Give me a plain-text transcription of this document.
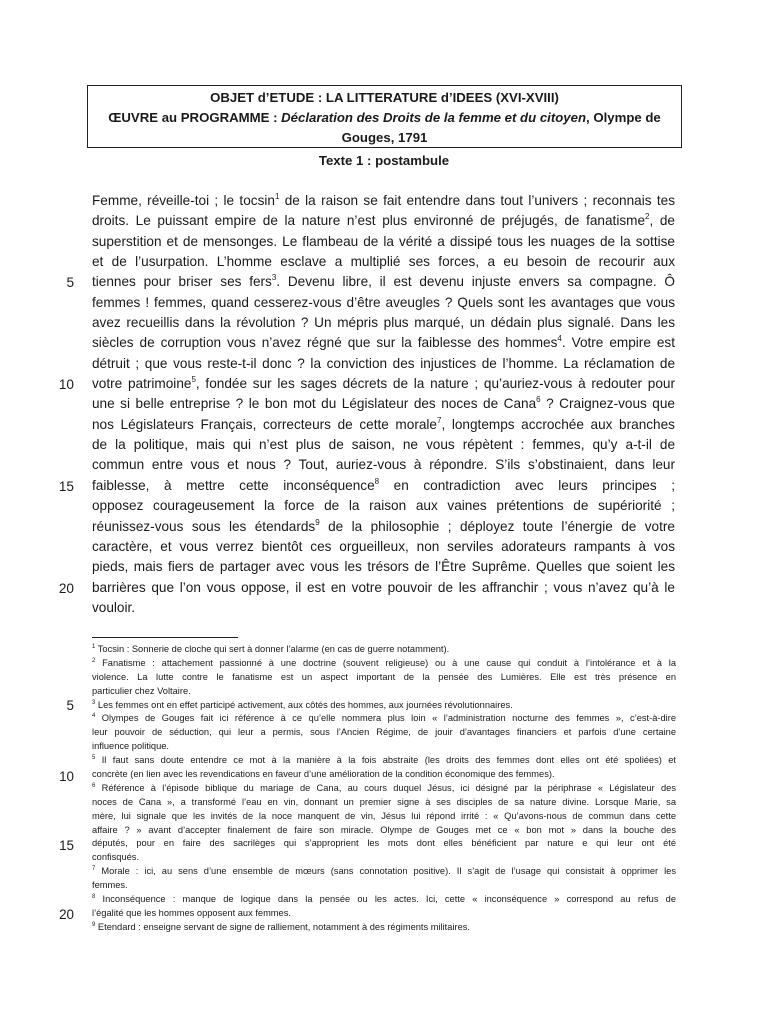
OBJET d’ETUDE : LA LITTERATURE d’IDEES (XVI-XVIII)
ŒUVRE au PROGRAMME : Déclaration des Droits de la femme et du citoyen, Olympe de
Gouges, 1791
Texte 1 : postambule
Femme, réveille-toi ; le tocsin$^1$ de la raison se fait entendre dans tout l’univers ; reconnais tes
droits. Le puissant empire de la nature n’est plus environné de préjugés, de fanatisme$^2$, de
superstition et de mensonges. Le flambeau de la vérité a dissipé tous les nuages de la sottise
et de l’usurpation. L’homme esclave a multiplié ses forces, a eu besoin de recourir aux
tiennes pour briser ses fers$^3$. Devenu libre, il est devenu injuste envers sa compagne. Ô
femmes ! femmes, quand cesserez-vous d’être aveugles ? Quels sont les avantages que vous
avez recueillis dans la révolution ? Un mépris plus marqué, un dédain plus signalé. Dans les
siècles de corruption vous n’avez régné que sur la faiblesse des hommes$^4$. Votre empire est
détruit ; que vous reste-t-il donc ? la conviction des injustices de l’homme. La réclamation de
votre patrimoine$^5$, fondée sur les sages décrets de la nature ; qu’auriez-vous à redouter pour
une si belle entreprise ? le bon mot du Législateur des noces de Cana$^6$ ? Craignez-vous que
nos Législateurs Français, correcteurs de cette morale$^7$, longtemps accrochée aux branches
de la politique, mais qui n’est plus de saison, ne vous répètent : femmes, qu’y a-t-il de
commun entre vous et nous ? Tout, auriez-vous à répondre. S’ils s’obstinaient, dans leur
faiblesse, à mettre cette inconséquence$^8$ en contradiction avec leurs principes ;
opposez courageusement la force de la raison aux vaines prétentions de supériorité ;
réunissez-vous sous les étendards$^9$ de la philosophie ; déployez toute l’énergie de votre
caractère, et vous verrez bientôt ces orgueilleux, non serviles adorateurs rampants à vos
pieds, mais fiers de partager avec vous les trésors de l’Être Suprême. Quelles que soient les
barrières que l’on vous oppose, il est en votre pouvoir de les affranchir ; vous n’avez qu’à le
vouloir.
5
10
15
20
$^1$ Tocsin : Sonnerie de cloche qui sert à donner l’alarme (en cas de guerre notamment).
$^2$ Fanatisme : attachement passionné à une doctrine (souvent religieuse) ou à une cause qui conduit à l’intolérance et à la
violence. La lutte contre le fanatisme est un aspect important de la pensée des Lumières. Elle est très présence en
particulier chez Voltaire.
$^3$ Les femmes ont en effet participé activement, aux côtés des hommes, aux journées révolutionnaires.
$^4$ Olympes de Gouges fait ici référence à ce qu’elle nommera plus loin « l’administration nocturne des femmes », c’est-à-dire
leur pouvoir de séduction, qui leur a permis, sous l’Ancien Régime, de jouir d’avantages financiers et parfois d’une certaine
influence politique.
$^5$ Il faut sans doute entendre ce mot à la manière à la fois abstraite (les droits des femmes dont elles ont été spoliées) et
concrète (en lien avec les revendications en faveur d’une amélioration de la condition économique des femmes).
$^6$ Référence à l’épisode biblique du mariage de Cana, au cours duquel Jésus, ici désigné par la périphrase « Législateur des
noces de Cana », a transformé l’eau en vin, donnant un premier signe à ses disciples de sa nature divine. Lorsque Marie, sa
mère, lui signale que les invités de la noce manquent de vin, Jésus lui répond irrité : « Qu’avons-nous de commun dans cette
affaire ? » avant d’accepter finalement de faire son miracle. Olympe de Gouges met ce « bon mot » dans la bouche des
députés, pour en faire des sacrilèges qui s’approprient les mots dont elles bénéficient par nature e qui leur ont été
confisqués.
$^7$ Morale : ici, au sens d’une ensemble de mœurs (sans connotation positive). Il s’agit de l’usage qui consistait à opprimer les
femmes.
$^8$ Inconséquence : manque de logique dans la pensée ou les actes. Ici, cette « inconséquence » correspond au refus de
l’égalité que les hommes opposent aux femmes.
$^9$ Etendard : enseigne servant de signe de ralliement, notamment à des régiments militaires.
5
10
15
20
